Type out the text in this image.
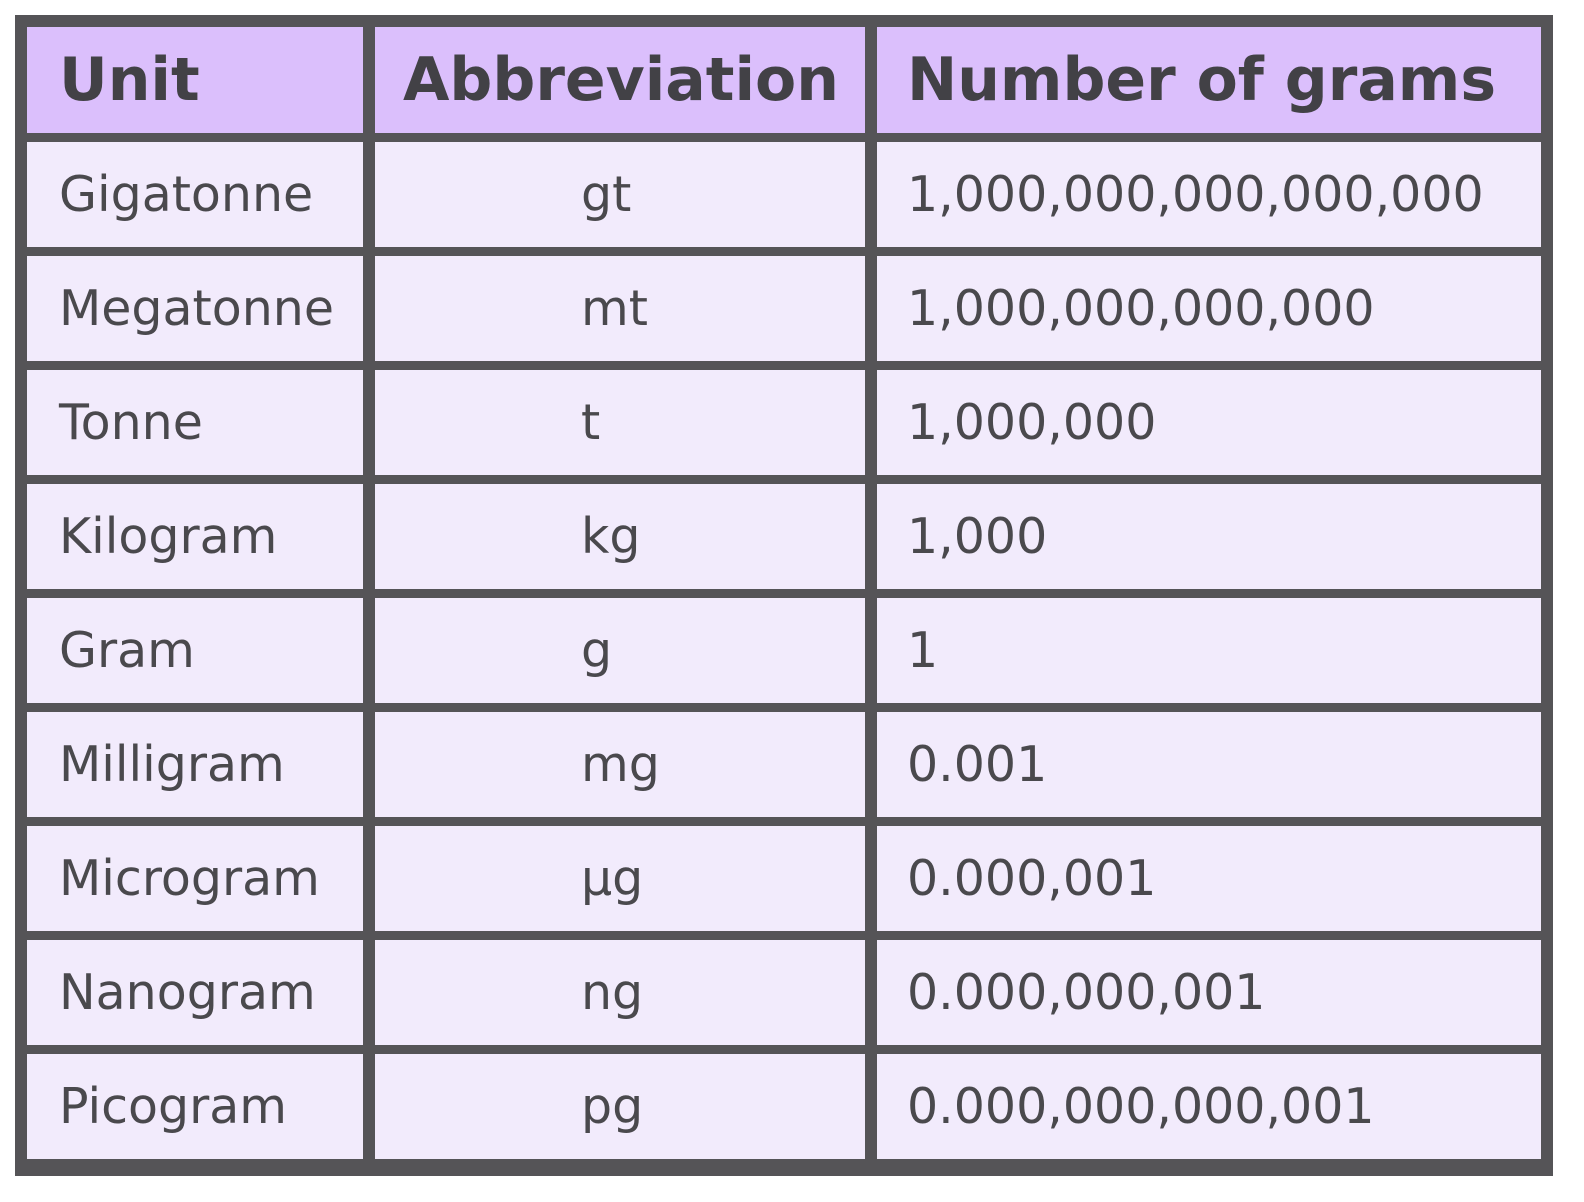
Unit	Abbreviation	Number of grams
Gigatonne	gt	1,000,000,000,000,000
Megatonne	mt	1,000,000,000,000
Tonne	t	1,000,000
Kilogram	kg	1,000
Gram	g	1
Milligram	mg	0.001
Microgram	µg	0.000,001
Nanogram	ng	0.000,000,001
Picogram	pg	0.000,000,000,001
